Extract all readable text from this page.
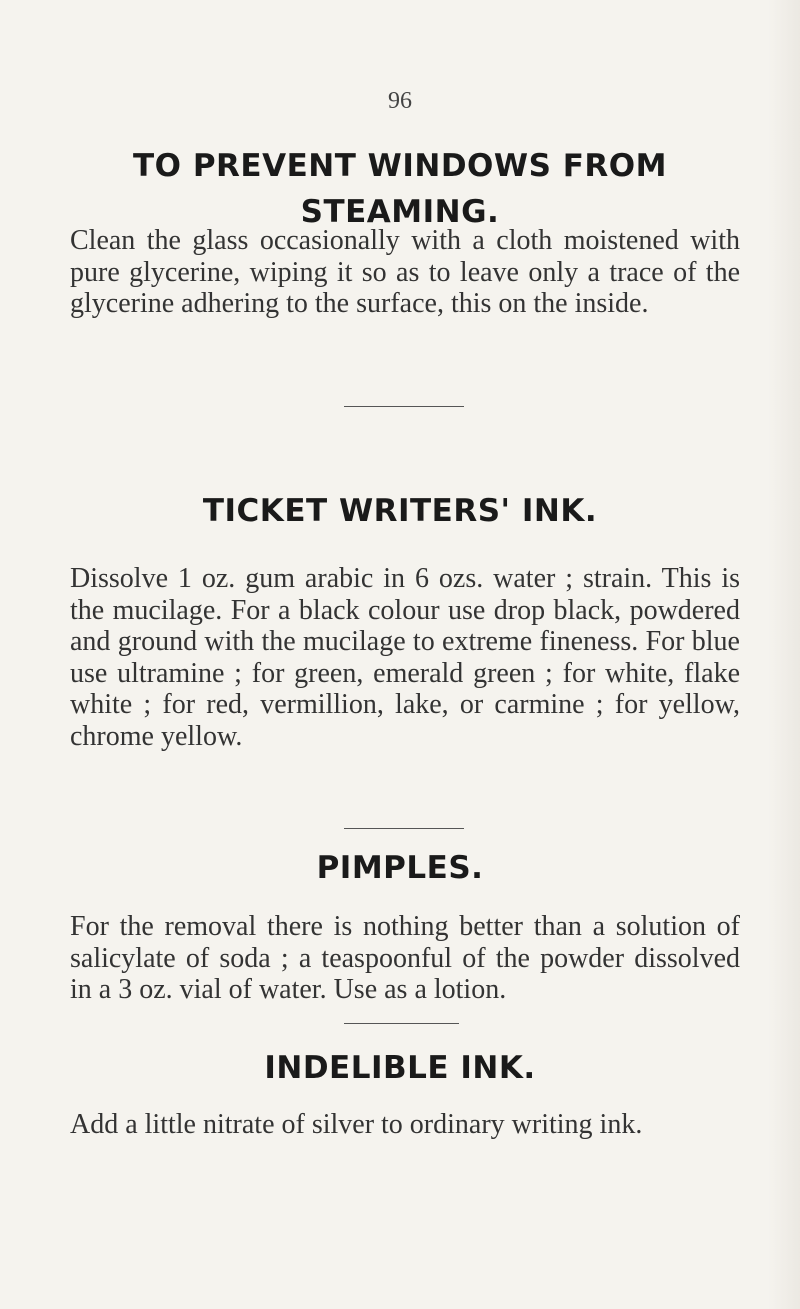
96
TO PREVENT WINDOWS FROM
STEAMING.

Clean the glass occasionally with a cloth moistened with pure glycerine, wiping it so as to leave only a trace of the glycerine adhering to the surface, this on the inside.

TICKET WRITERS' INK.

Dissolve 1 oz. gum arabic in 6 ozs. water ; strain. This is the mucilage. For a black colour use drop black, powdered and ground with the mucilage to extreme fineness. For blue use ultramine ; for green, emerald green ; for white, flake white ; for red, vermillion, lake, or carmine ; for yellow, chrome yellow.

PIMPLES.

For the removal there is nothing better than a solution of salicylate of soda ; a teaspoonful of the powder dissolved in a 3 oz. vial of water. Use as a lotion.

INDELIBLE INK.

Add a little nitrate of silver to ordinary writing ink.
